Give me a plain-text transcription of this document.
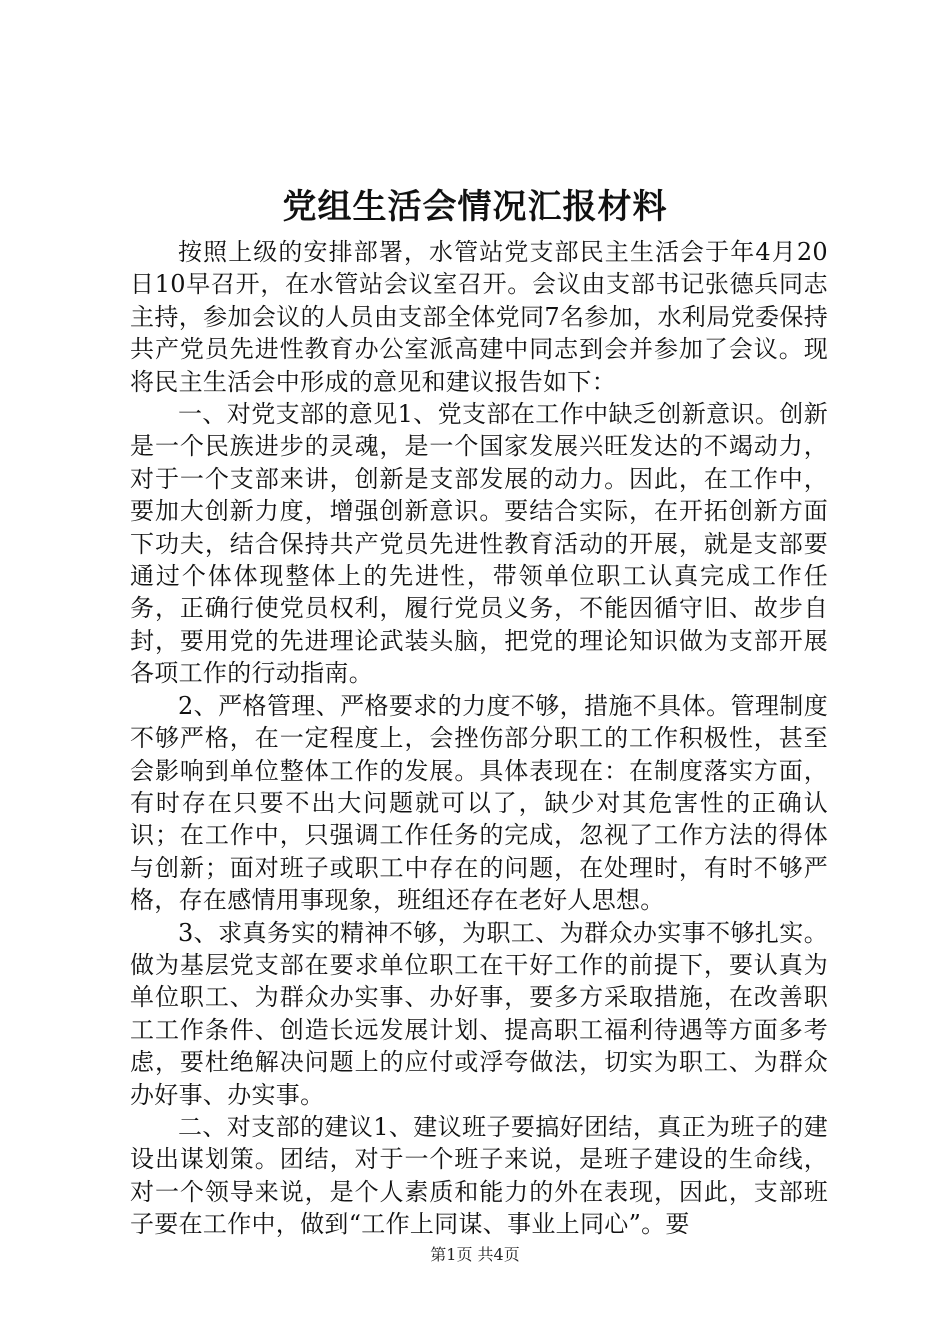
党组生活会情况汇报材料

按照上级的安排部署，水管站党支部民主生活会于年4月20日10早召开，在水管站会议室召开。会议由支部书记张德兵同志主持，参加会议的人员由支部全体党同7名参加，水利局党委保持共产党员先进性教育办公室派高建中同志到会并参加了会议。现将民主生活会中形成的意见和建议报告如下：

一、对党支部的意见1、党支部在工作中缺乏创新意识。创新是一个民族进步的灵魂，是一个国家发展兴旺发达的不竭动力，对于一个支部来讲，创新是支部发展的动力。因此，在工作中，要加大创新力度，增强创新意识。要结合实际，在开拓创新方面下功夫，结合保持共产党员先进性教育活动的开展，就是支部要通过个体体现整体上的先进性，带领单位职工认真完成工作任务，正确行使党员权利，履行党员义务，不能因循守旧、故步自封，要用党的先进理论武装头脑，把党的理论知识做为支部开展各项工作的行动指南。

2、严格管理、严格要求的力度不够，措施不具体。管理制度不够严格，在一定程度上，会挫伤部分职工的工作积极性，甚至会影响到单位整体工作的发展。具体表现在：在制度落实方面，有时存在只要不出大问题就可以了，缺少对其危害性的正确认识；在工作中，只强调工作任务的完成，忽视了工作方法的得体与创新；面对班子或职工中存在的问题，在处理时，有时不够严格，存在感情用事现象，班组还存在老好人思想。

3、求真务实的精神不够，为职工、为群众办实事不够扎实。做为基层党支部在要求单位职工在干好工作的前提下，要认真为单位职工、为群众办实事、办好事，要多方采取措施，在改善职工工作条件、创造长远发展计划、提高职工福利待遇等方面多考虑，要杜绝解决问题上的应付或浮夸做法，切实为职工、为群众办好事、办实事。

二、对支部的建议1、建议班子要搞好团结，真正为班子的建设出谋划策。团结，对于一个班子来说，是班子建设的生命线，对一个领导来说，是个人素质和能力的外在表现，因此，支部班子要在工作中，做到“工作上同谋、事业上同心”。要

第1页 共4页
